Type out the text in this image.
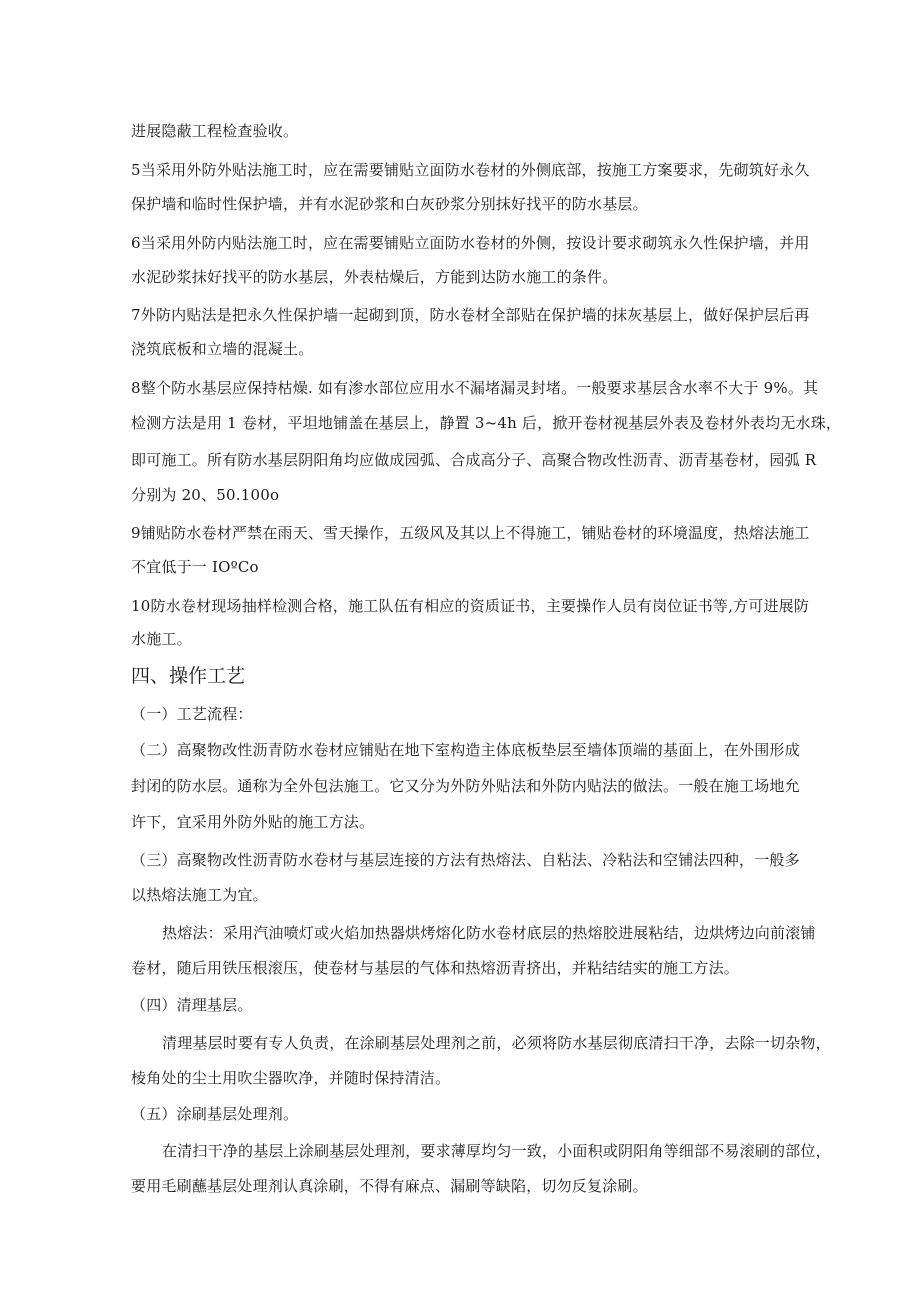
进展隐蔽工程检查验收。
5当采用外防外贴法施工时，应在需要铺贴立面防水卷材的外侧底部，按施工方案要求，先砌筑好永久
保护墙和临时性保护墙，并有水泥砂浆和白灰砂浆分别抹好找平的防水基层。
6当采用外防内贴法施工时，应在需要铺贴立面防水卷材的外侧，按设计要求砌筑永久性保护墙，并用
水泥砂浆抹好找平的防水基层，外表枯燥后，方能到达防水施工的条件。
7外防内贴法是把永久性保护墙一起砌到顶，防水卷材全部贴在保护墙的抹灰基层上，做好保护层后再
浇筑底板和立墙的混凝土。
8整个防水基层应保持枯燥. 如有渗水部位应用水不漏堵漏灵封堵。一般要求基层含水率不大于 9%。其
检测方法是用 1 卷材，平坦地铺盖在基层上，静置 3~4h 后，掀开卷材视基层外表及卷材外表均无水珠，
即可施工。所有防水基层阴阳角均应做成园弧、合成高分子、高聚合物改性沥青、沥青基卷材，园弧 R
分别为 20、50.100o
9铺贴防水卷材严禁在雨天、雪天操作，五级风及其以上不得施工，铺贴卷材的环境温度，热熔法施工
不宜低于一 IOºCo
10防水卷材现场抽样检测合格，施工队伍有相应的资质证书，主要操作人员有岗位证书等,方可进展防
水施工。
四、操作工艺
（一）工艺流程：
（二）高聚物改性沥青防水卷材应铺贴在地下室构造主体底板垫层至墙体顶端的基面上，在外围形成
封闭的防水层。通称为全外包法施工。它又分为外防外贴法和外防内贴法的做法。一般在施工场地允
许下，宜采用外防外贴的施工方法。
（三）高聚物改性沥青防水卷材与基层连接的方法有热熔法、自粘法、冷粘法和空铺法四种，一般多
以热熔法施工为宜。
热熔法：采用汽油喷灯或火焰加热器烘烤熔化防水卷材底层的热熔胶进展粘结，边烘烤边向前滚铺
卷材，随后用铁压根滚压，使卷材与基层的气体和热熔沥青挤出，并粘结结实的施工方法。
（四）清理基层。
清理基层时要有专人负责，在涂刷基层处理剂之前，必须将防水基层彻底清扫干净，去除一切杂物，
棱角处的尘土用吹尘器吹净，并随时保持清洁。
（五）涂刷基层处理剂。
在清扫干净的基层上涂刷基层处理剂，要求薄厚均匀一致，小面积或阴阳角等细部不易滚刷的部位，
要用毛刷蘸基层处理剂认真涂刷，不得有麻点、漏刷等缺陷，切勿反复涂刷。
